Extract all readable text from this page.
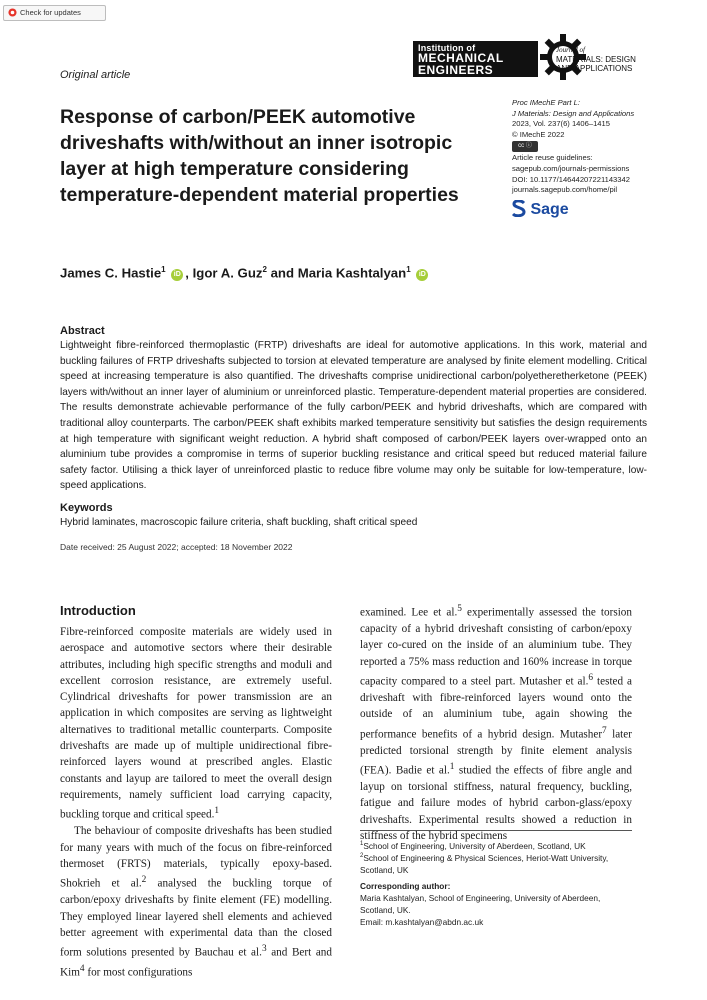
Check for updates
Institution of
MECHANICAL
ENGINEERS
Journal of
MATERIALS: DESIGN
AND APPLICATIONS
Original article
Response of carbon/PEEK automotive driveshafts with/without an inner isotropic layer at high temperature considering temperature-dependent material properties
Proc IMechE Part L:
J Materials: Design and Applications
2023, Vol. 237(6) 1406–1415
© IMechE 2022
cc ⓘ
Article reuse guidelines:
sagepub.com/journals-permissions
DOI: 10.1177/14644207221143342
journals.sagepub.com/home/pil
Sage
James C. Hastie$^1$ iD , Igor A. Guz$^2$ and Maria Kashtalyan$^1$ iD
Abstract

Lightweight fibre-reinforced thermoplastic (FRTP) driveshafts are ideal for automotive applications. In this work, material and buckling failures of FRTP driveshafts subjected to torsion at elevated temperature are analysed by finite element modelling. Critical speed at increasing temperature is also quantified. The driveshafts comprise unidirectional carbon/polyetheretherketone (PEEK) layers with/without an inner layer of aluminium or unreinforced plastic. Temperature-dependent material properties are considered. The results demonstrate achievable performance of the fully carbon/PEEK and hybrid driveshafts, which are compared with traditional alloy counterparts. The carbon/PEEK shaft exhibits marked temperature sensitivity but satisfies the design requirements at high temperature with significant weight reduction. A hybrid shaft composed of carbon/PEEK layers over-wrapped onto an aluminium tube provides a compromise in terms of superior buckling resistance and critical speed but reduced material failure safety factor. Utilising a thick layer of unreinforced plastic to reduce fibre volume may only be suitable for low-temperature, low-speed applications.

Keywords
Hybrid laminates, macroscopic failure criteria, shaft buckling, shaft critical speed
Date received: 25 August 2022; accepted: 18 November 2022
Introduction

Fibre-reinforced composite materials are widely used in aerospace and automotive sectors where their desirable attributes, including high specific strengths and moduli and excellent corrosion resistance, are extremely useful. Cylindrical driveshafts for power transmission are an application in which composites are serving as lightweight alternatives to traditional metallic counterparts. Composite driveshafts are made up of multiple unidirectional fibre-reinforced layers wound at prescribed angles. Elastic constants and layup are tailored to meet the overall design requirements, namely sufficient load carrying capacity, buckling torque and critical speed.$^1$

The behaviour of composite driveshafts has been studied for many years with much of the focus on fibre-reinforced thermoset (FRTS) materials, typically epoxy-based. Shokrieh et al.$^2$ analysed the buckling torque of carbon/epoxy driveshafts by finite element (FE) modelling. They employed linear layered shell elements and achieved better agreement with experimental data than the closed form solutions presented by Bauchau et al.$^3$ and Bert and Kim$^4$ for most configurations

examined. Lee et al.$^5$ experimentally assessed the torsion capacity of a hybrid driveshaft consisting of carbon/epoxy layer co-cured on the inside of an aluminium tube. They reported a 75% mass reduction and 160% increase in torque capacity compared to a steel part. Mutasher et al.$^6$ tested a driveshaft with fibre-reinforced layers wound onto the outside of an aluminium tube, again showing the performance benefits of a hybrid design. Mutasher$^7$ later predicted torsional strength by finite element analysis (FEA). Badie et al.$^1$ studied the effects of fibre angle and layup on torsional stiffness, natural frequency, buckling, fatigue and failure modes of hybrid carbon-glass/epoxy driveshafts. Experimental results showed a reduction in stiffness of the hybrid specimens

$^1$School of Engineering, University of Aberdeen, Scotland, UK
$^2$School of Engineering & Physical Sciences, Heriot-Watt University, Scotland, UK
Corresponding author:
Maria Kashtalyan, School of Engineering, University of Aberdeen, Scotland, UK.
Email: m.kashtalyan@abdn.ac.uk
